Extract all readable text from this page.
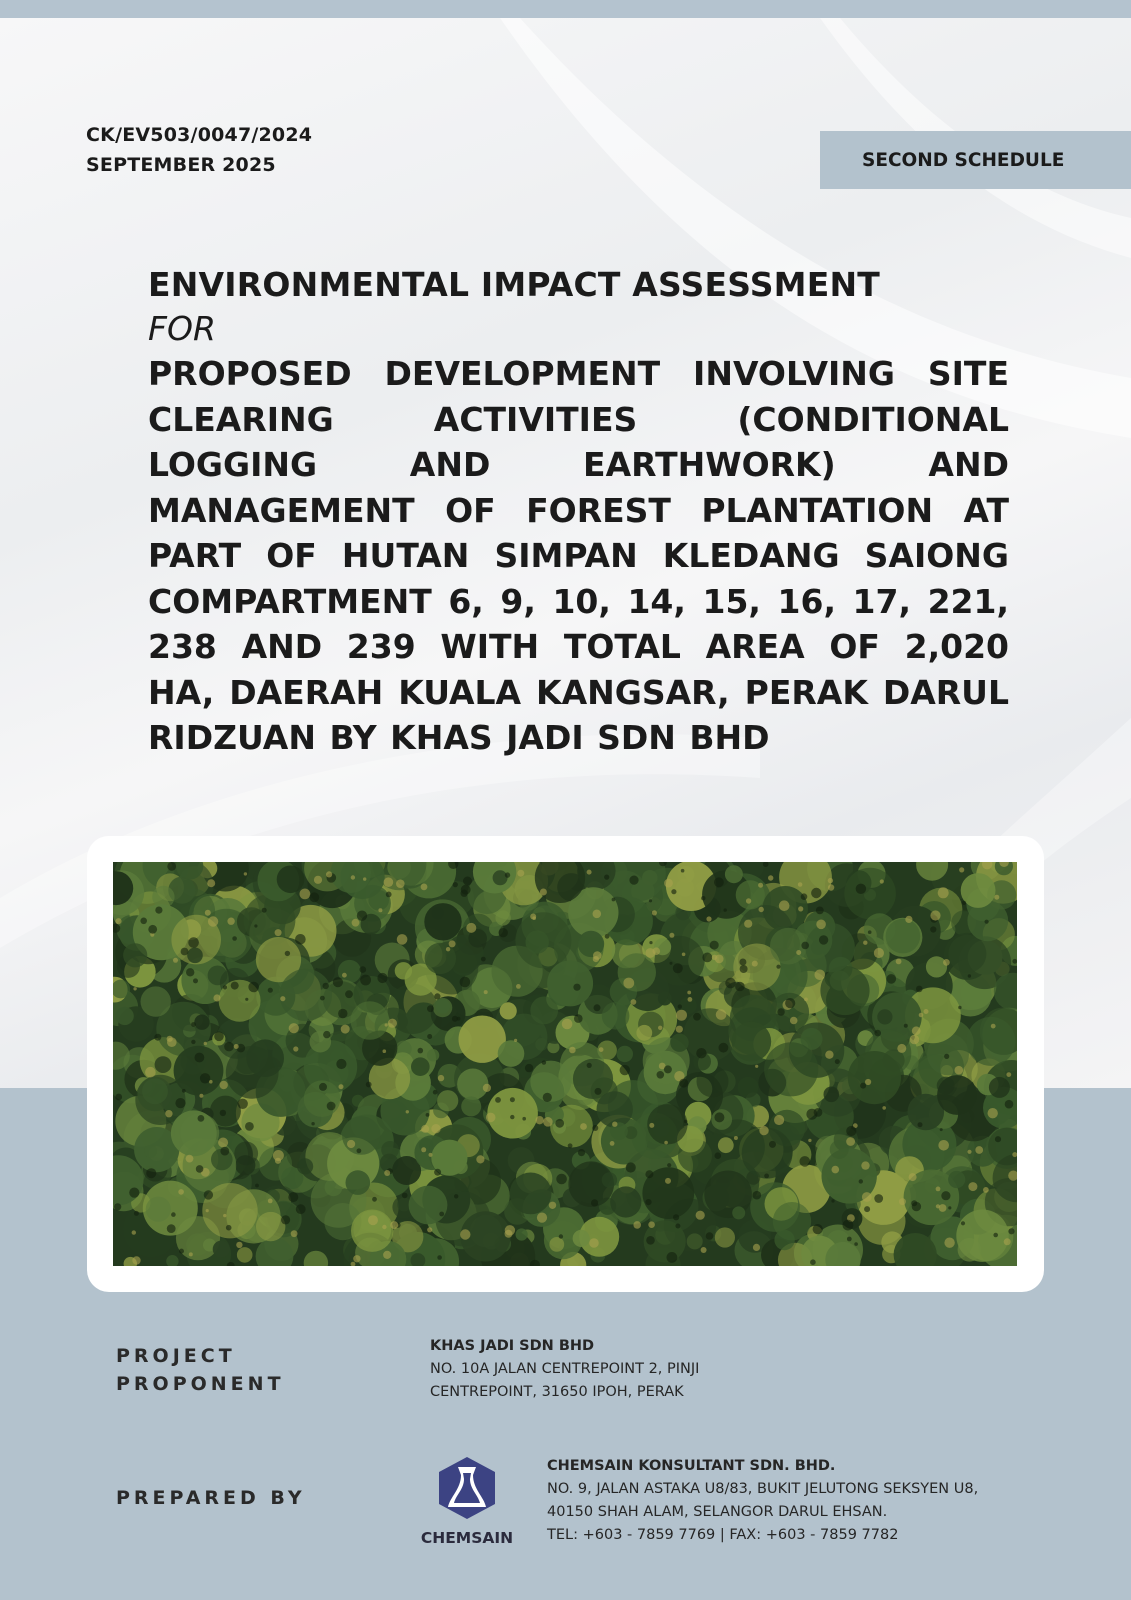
CK/EV503/0047/2024
SEPTEMBER 2025	SECOND SCHEDULE
ENVIRONMENTAL IMPACT ASSESSMENT
FOR
PROPOSED DEVELOPMENT INVOLVING SITE CLEARING ACTIVITIES (CONDITIONAL LOGGING AND EARTHWORK) AND MANAGEMENT OF FOREST PLANTATION AT PART OF HUTAN SIMPAN KLEDANG SAIONG COMPARTMENT 6, 9, 10, 14, 15, 16, 17, 221, 238 AND 239 WITH TOTAL AREA OF 2,020 HA, DAERAH KUALA KANGSAR, PERAK DARUL RIDZUAN BY KHAS JADI SDN BHD
PROJECT
PROPONENT
KHAS JADI SDN BHD
NO. 10A JALAN CENTREPOINT 2, PINJI
CENTREPOINT, 31650 IPOH, PERAK
PREPARED BY
CHEMSAIN
CHEMSAIN KONSULTANT SDN. BHD.
NO. 9, JALAN ASTAKA U8/83, BUKIT JELUTONG SEKSYEN U8,
40150 SHAH ALAM, SELANGOR DARUL EHSAN.
TEL: +603 - 7859 7769 | FAX: +603 - 7859 7782
